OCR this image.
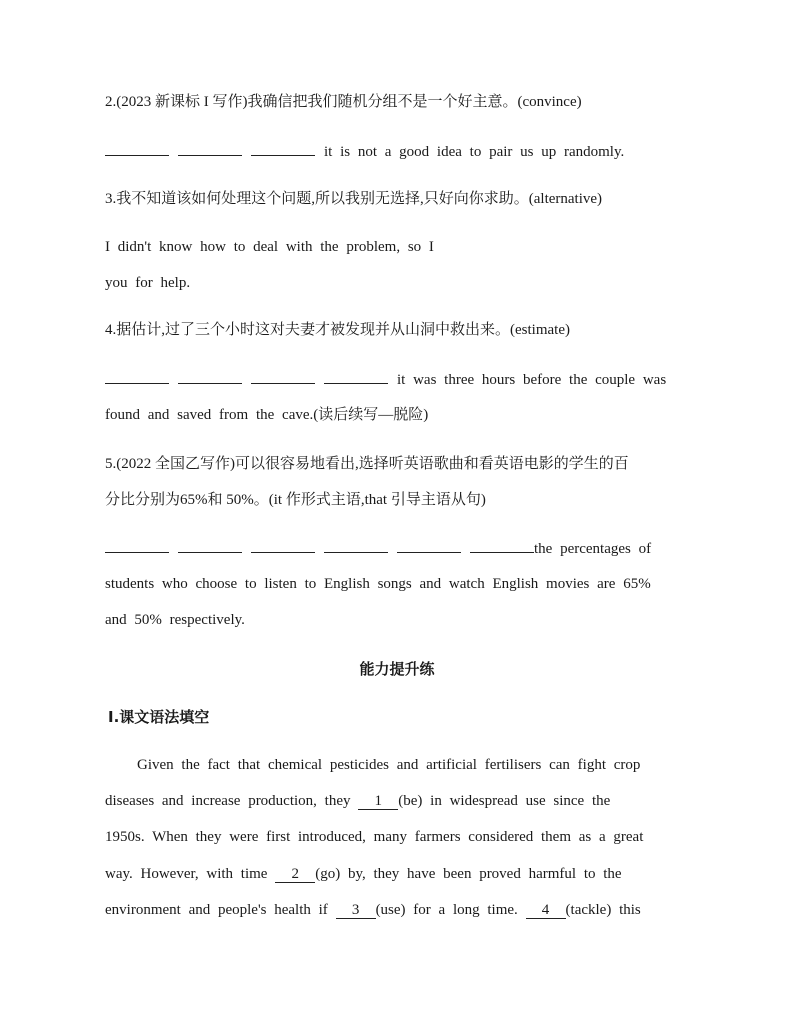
2.(2023 新课标 I 写作)我确信把我们随机分组不是一个好主意。(convince)
it is not a good idea to pair us up randomly.
3.我不知道该如何处理这个问题,所以我别无选择,只好向你求助。(alternative)
I didn't know how to deal with the problem, so I
you for help.
4.据估计,过了三个小时这对夫妻才被发现并从山洞中救出来。(estimate)
it was three hours before the couple was
found and saved from the cave.(读后续写—脱险)
5.(2022 全国乙写作)可以很容易地看出,选择听英语歌曲和看英语电影的学生的百
分比分别为65%和 50%。(it 作形式主语,that 引导主语从句)
the percentages of
students who choose to listen to English songs and watch English movies are 65%
and 50% respectively.
能力提升练
Ⅰ.课文语法填空
Given the fact that chemical pesticides and artificial fertilisers can fight crop
diseases and increase production, they 1 (be) in widespread use since the
1950s. When they were first introduced, many farmers considered them as a great
way. However, with time 2 (go) by, they have been proved harmful to the
environment and people's health if 3 (use) for a long time. 4 (tackle) this
